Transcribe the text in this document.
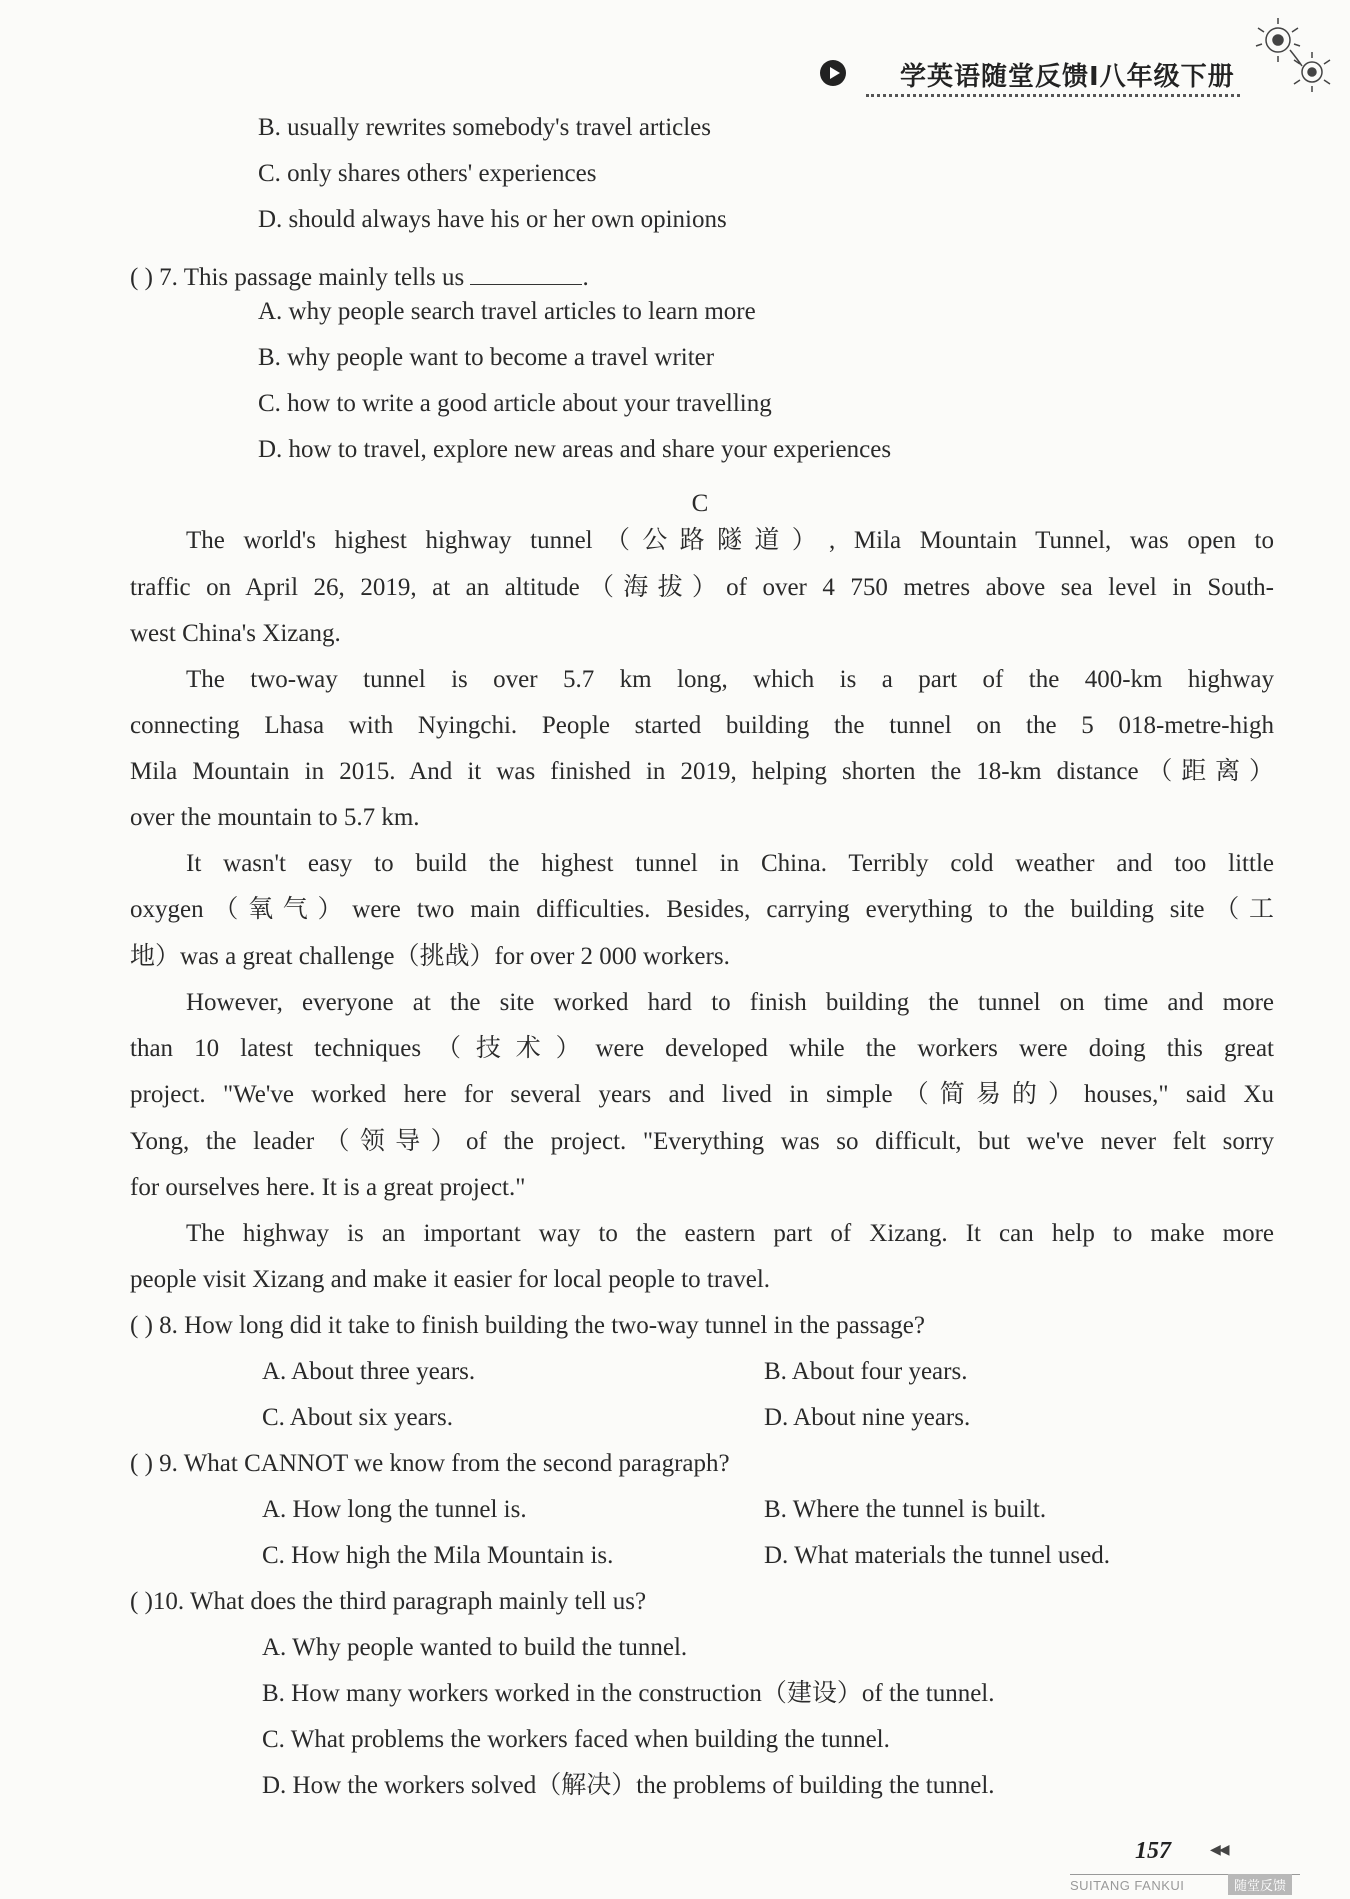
学英语随堂反馈Ⅰ八年级下册
B. usually rewrites somebody's travel articles
C. only shares others' experiences
D. should always have his or her own opinions
A. why people search travel articles to learn more
B. why people want to become a travel writer
C. how to write a good article about your travelling
D. how to travel, explore new areas and share your experiences
The world's highest highway tunnel（公路隧道）, Mila Mountain Tunnel, was open to
traffic on April 26, 2019, at an altitude（海拔）of over 4 750 metres above sea level in South-
west China's Xizang.
The two-way tunnel is over 5.7 km long, which is a part of the 400-km highway
connecting Lhasa with Nyingchi. People started building the tunnel on the 5 018-metre-high
Mila Mountain in 2015. And it was finished in 2019, helping shorten the 18-km distance（距离）
over the mountain to 5.7 km.
It wasn't easy to build the highest tunnel in China. Terribly cold weather and too little
oxygen（氧气）were two main difficulties. Besides, carrying everything to the building site（工
地）was a great challenge（挑战）for over 2 000 workers.
However, everyone at the site worked hard to finish building the tunnel on time and more
than 10 latest techniques（技术）were developed while the workers were doing this great
project. "We've worked here for several years and lived in simple（简易的）houses," said Xu
Yong, the leader（领导）of the project. "Everything was so difficult, but we've never felt sorry
for ourselves here. It is a great project."
The highway is an important way to the eastern part of Xizang. It can help to make more
people visit Xizang and make it easier for local people to travel.
( ) 8. How long did it take to finish building the two-way tunnel in the passage?
A. About three years.	B. About four years.
C. About six years.	D. About nine years.
( ) 9. What CANNOT we know from the second paragraph?
A. How long the tunnel is.	B. Where the tunnel is built.
C. How high the Mila Mountain is.	D. What materials the tunnel used.
( )10. What does the third paragraph mainly tell us?
A. Why people wanted to build the tunnel.
B. How many workers worked in the construction（建设）of the tunnel.
C. What problems the workers faced when building the tunnel.
D. How the workers solved（解决）the problems of building the tunnel.
( ) 7. This passage mainly tells us	.
C
157	◀◀
SUITANG FANKUI	随堂反馈
